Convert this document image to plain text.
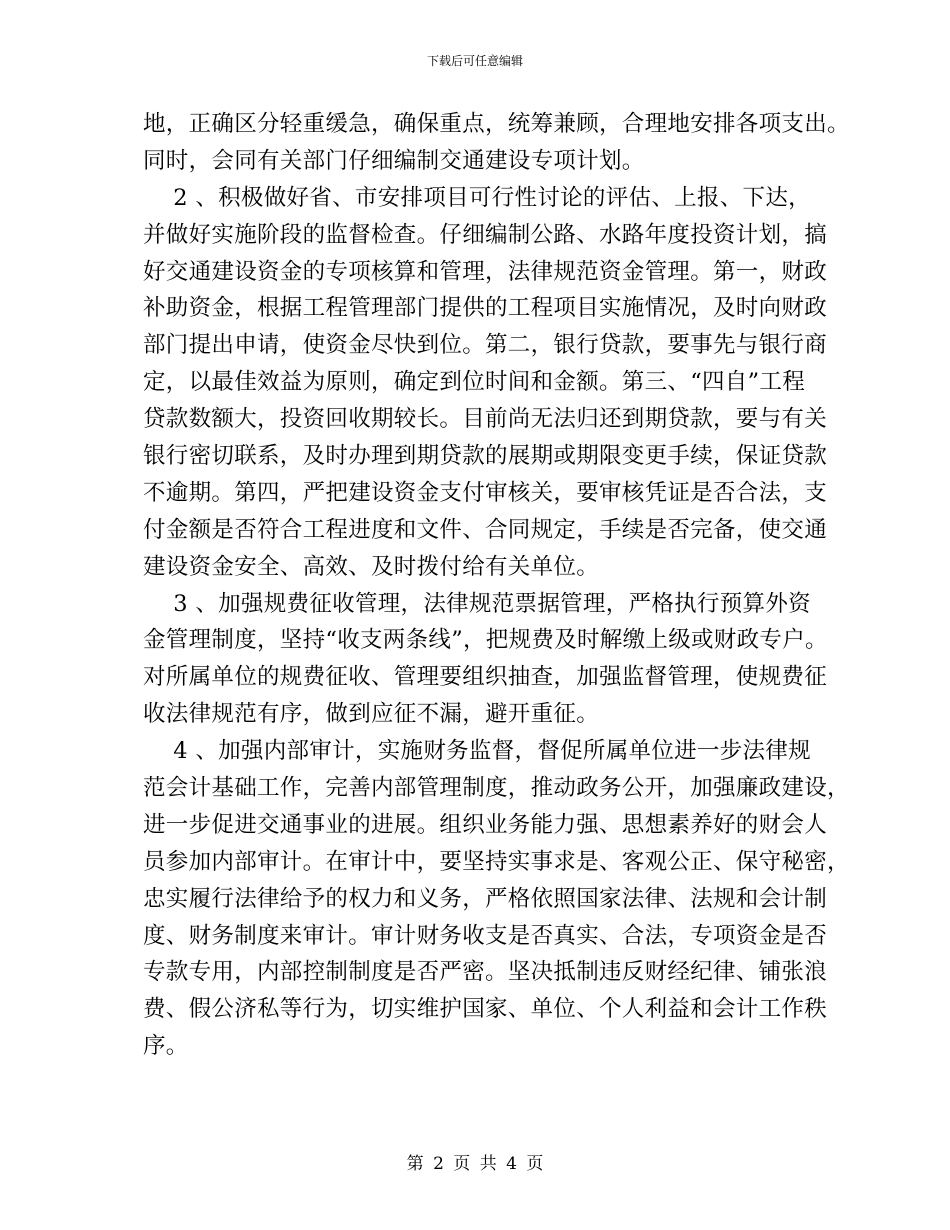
下载后可任意编辑
地，正确区分轻重缓急，确保重点，统筹兼顾，合理地安排各项支出。
同时，会同有关部门仔细编制交通建设专项计划。
　 2 、积极做好省、市安排项目可行性讨论的评估、上报、下达，
并做好实施阶段的监督检查。仔细编制公路、水路年度投资计划，搞
好交通建设资金的专项核算和管理，法律规范资金管理。第一，财政
补助资金，根据工程管理部门提供的工程项目实施情况，及时向财政
部门提出申请，使资金尽快到位。第二，银行贷款，要事先与银行商
定，以最佳效益为原则，确定到位时间和金额。第三、“四自”工程
贷款数额大，投资回收期较长。目前尚无法归还到期贷款，要与有关
银行密切联系，及时办理到期贷款的展期或期限变更手续，保证贷款
不逾期。第四，严把建设资金支付审核关，要审核凭证是否合法，支
付金额是否符合工程进度和文件、合同规定，手续是否完备，使交通
建设资金安全、高效、及时拨付给有关单位。
　 3 、加强规费征收管理，法律规范票据管理，严格执行预算外资
金管理制度，坚持“收支两条线”，把规费及时解缴上级或财政专户。
对所属单位的规费征收、管理要组织抽查，加强监督管理，使规费征
收法律规范有序，做到应征不漏，避开重征。
　 4 、加强内部审计，实施财务监督，督促所属单位进一步法律规
范会计基础工作，完善内部管理制度，推动政务公开，加强廉政建设，
进一步促进交通事业的进展。组织业务能力强、思想素养好的财会人
员参加内部审计。在审计中，要坚持实事求是、客观公正、保守秘密，
忠实履行法律给予的权力和义务，严格依照国家法律、法规和会计制
度、财务制度来审计。审计财务收支是否真实、合法，专项资金是否
专款专用，内部控制制度是否严密。坚决抵制违反财经纪律、铺张浪
费、假公济私等行为，切实维护国家、单位、个人利益和会计工作秩
序。
第 2 页 共 4 页
